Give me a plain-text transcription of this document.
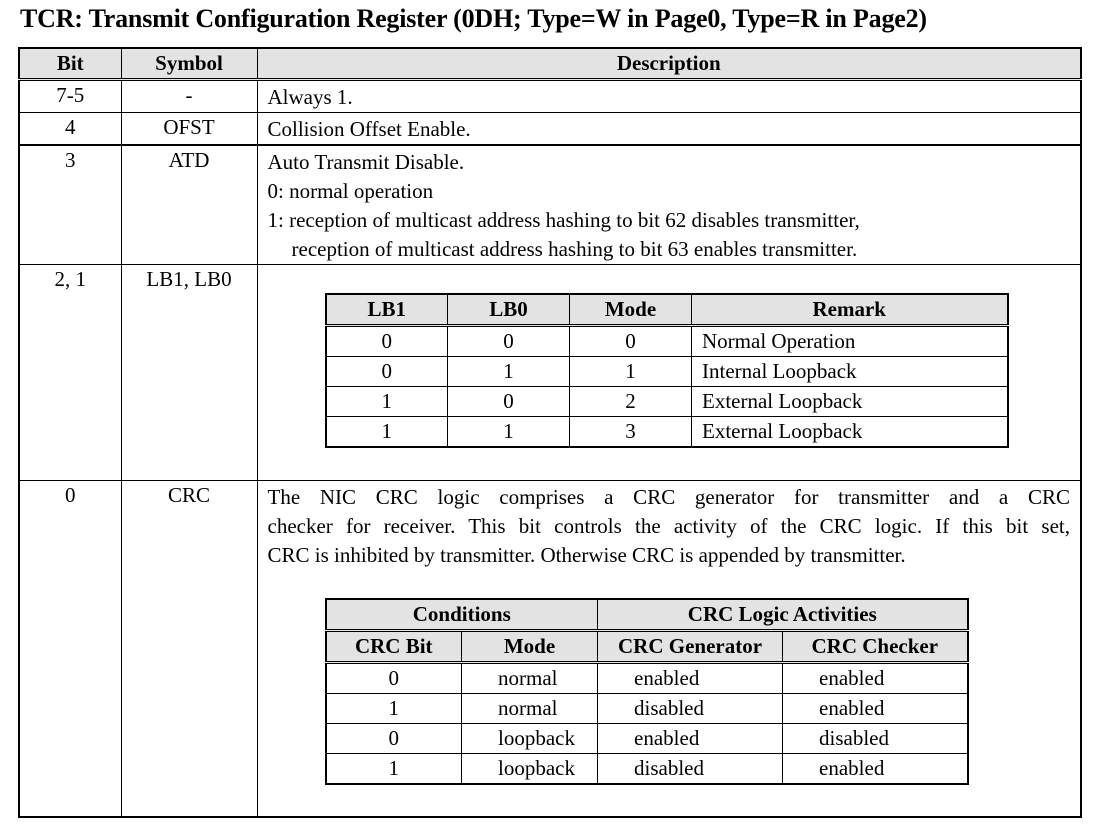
TCR: Transmit Configuration Register (0DH; Type=W in Page0, Type=R in Page2)
Bit	Symbol	Description
7-5	-	Always 1.

4	OFST	Collision Offset Enable.

3	ATD	Auto Transmit Disable.
0: normal operation
1: reception of multicast address hashing to bit 62 disables transmitter,
reception of multicast address hashing to bit 63 enables transmitter.

2, 1	LB1, LB0	
LB1	LB0	Mode	Remark
0	0	0	Normal Operation
0	1	1	Internal Loopback
1	0	2	External Loopback
1	1	3	External Loopback

0	CRC	The NIC CRC logic comprises a CRC generator for transmitter and a CRC
checker for receiver. This bit controls the activity of the CRC logic. If this bit set,
CRC is inhibited by transmitter. Otherwise CRC is appended by transmitter.
Conditions	CRC Logic Activities
CRC Bit	Mode	CRC Generator	CRC Checker
0	normal	enabled	enabled
1	normal	disabled	enabled
0	loopback	enabled	disabled
1	loopback	disabled	enabled
